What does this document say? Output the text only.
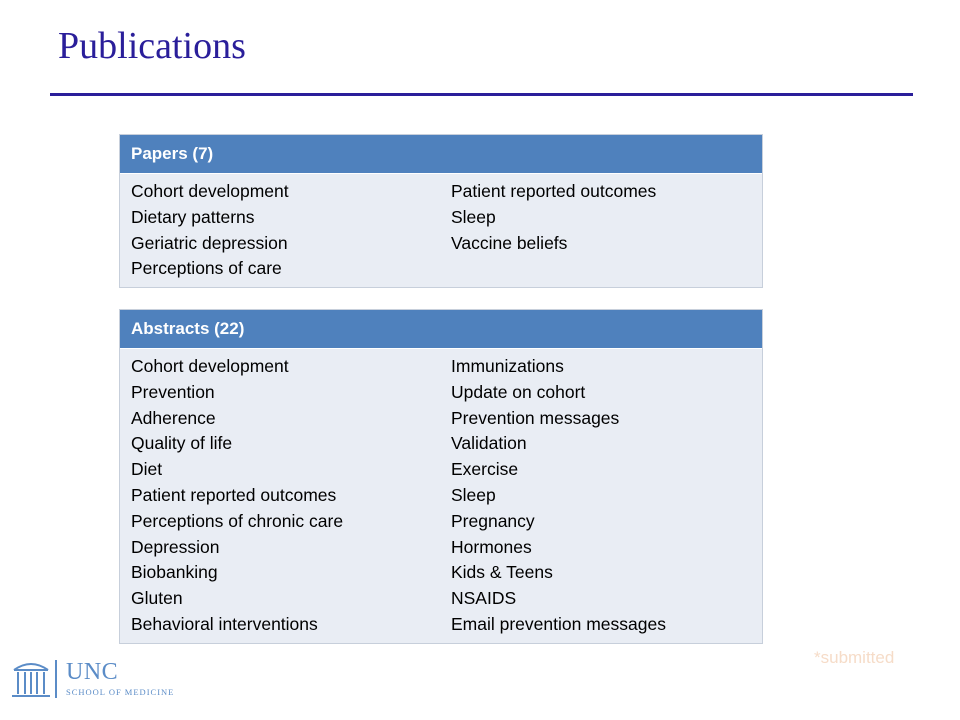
Publications
Papers (7)
Cohort development
Dietary patterns
Geriatric depression
Perceptions of care
Patient reported outcomes
Sleep
Vaccine beliefs
Abstracts (22)
Cohort development
Prevention
Adherence
Quality of life
Diet
Patient reported outcomes
Perceptions of chronic care
Depression
Biobanking
Gluten
Behavioral interventions
Immunizations
Update on cohort
Prevention messages
Validation
Exercise
Sleep
Pregnancy
Hormones
Kids & Teens
NSAIDS
Email prevention messages
*submitted
UNC
SCHOOL OF MEDICINE
